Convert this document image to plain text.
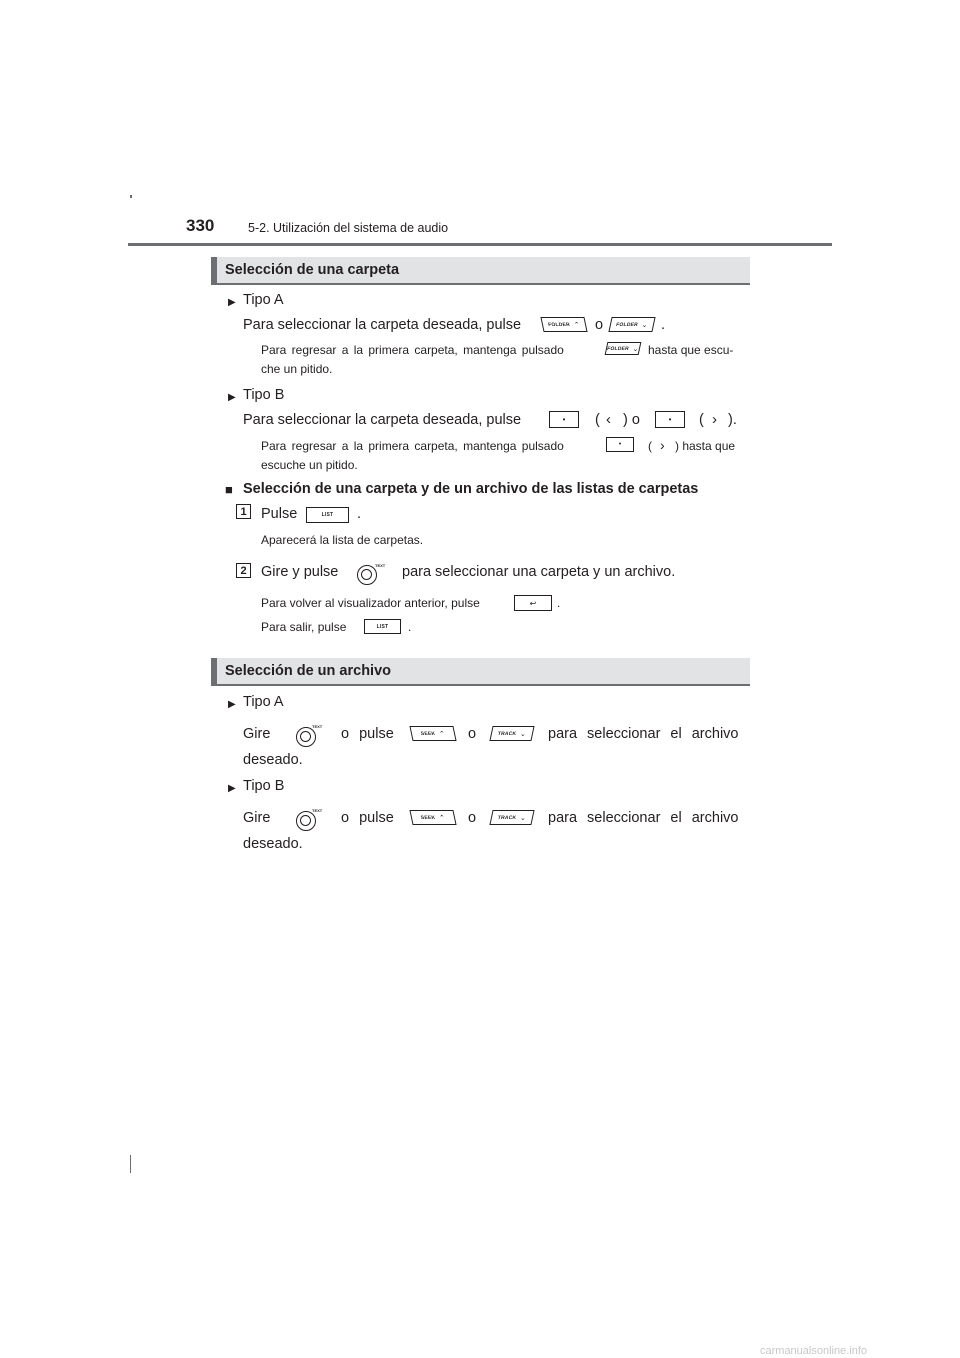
330	5-2. Utilización del sistema de audio
Selección de una carpeta
▶ Tipo A
Para seleccionar la carpeta deseada, pulse	FOLDER ⌃ o FOLDER ⌄ .
Para regresar a la primera carpeta, mantenga pulsado	FOLDER ⌄ hasta que escu-
che un pitido.
▶ Tipo B
Para seleccionar la carpeta deseada, pulse	• ( ‹ ) o	• ( › ).
Para regresar a la primera carpeta, mantenga pulsado	• ( › ) hasta que
escuche un pitido.
■ Selección de una carpeta y de un archivo de las listas de carpetas
1 Pulse	LIST .
Aparecerá la lista de carpetas.
2 Gire y pulse	TEXT para seleccionar una carpeta y un archivo.
Para volver al visualizador anterior, pulse	↩ .
Para salir, pulse	LIST .
Selección de un archivo
▶ Tipo A
Gire	TEXT o pulse	SEEK ⌃ o	TRACK ⌄ para seleccionar el archivo
deseado.
▶ Tipo B
Gire	TEXT o pulse	SEEK ⌃ o	TRACK ⌄ para seleccionar el archivo
deseado.
carmanualsonline.info
